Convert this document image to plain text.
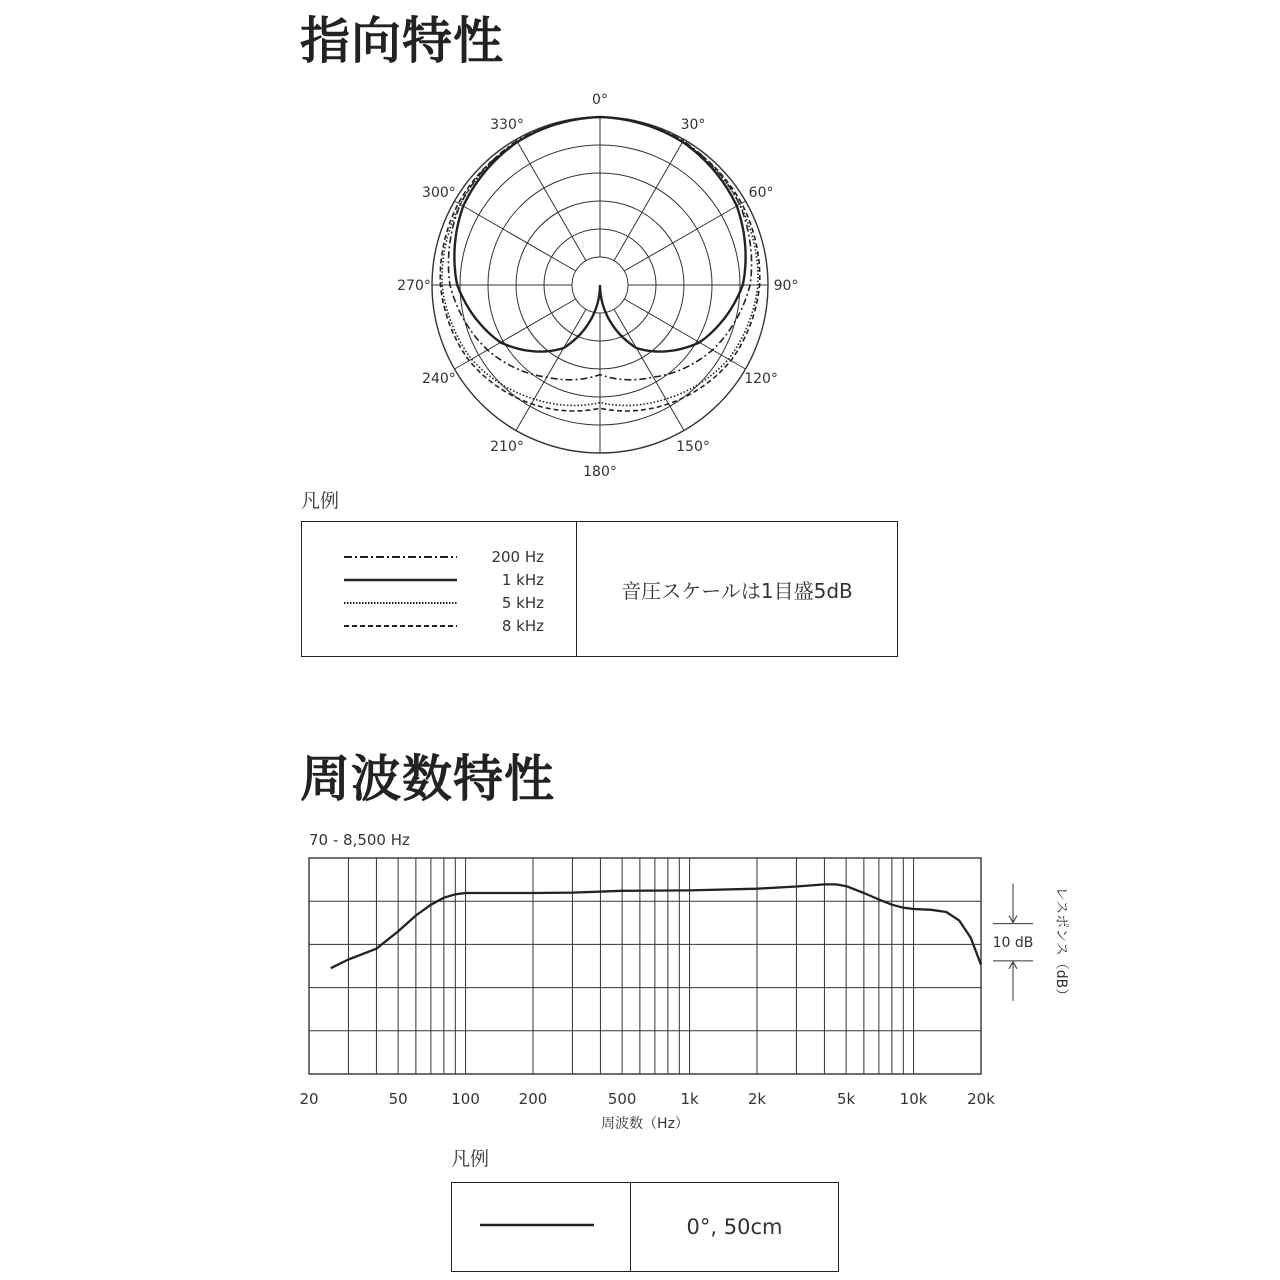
指向特性
0°
30°
60°
90°
120°
150°
180°
210°
240°
270°
300°
330°
凡例
200 Hz
1 kHz
5 kHz
8 kHz
音圧スケールは1目盛5dB
周波数特性
70 - 8,500 Hz
20	50	100	200	500	1k	2k	5k	10k	20k
周波数（Hz）
10 dB レスポンス（dB）
凡例
0°, 50cm
